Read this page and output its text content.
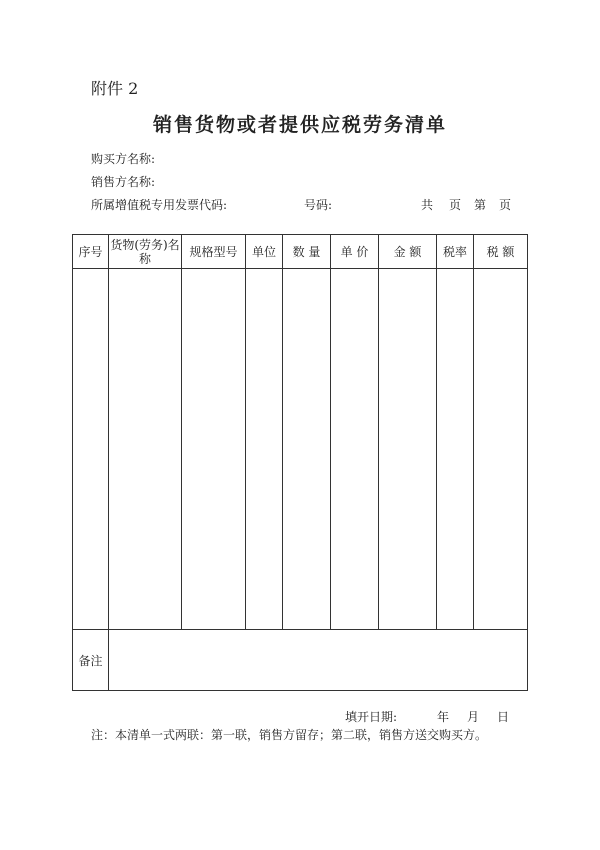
附件 2
销售货物或者提供应税劳务清单
购买方名称:
销售方名称:
所属增值税专用发票代码:	号码:	共 页 第 页
序号	货物(劳务)名称	规格型号	单位	数 量	单 价	金 额	税率	税 额

备注								
填开日期:	年 月 日
注：本清单一式两联：第一联，销售方留存；第二联，销售方送交购买方。
